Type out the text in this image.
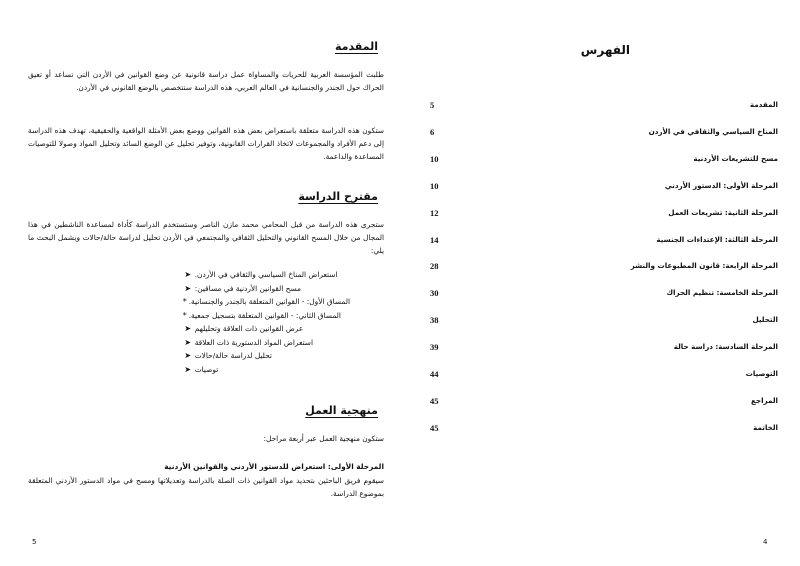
المقدمة

طلبت المؤسسة العربية للحريات والمساواة عمل دراسة قانونية عن وضع القوانين في الأردن التي تساعد أو تعيق الحراك حول الجندر والجنسانية في العالم العربي، هذه الدراسة ستتخصص بالوضع القانوني في الأردن.

ستكون هذه الدراسة متعلقة باستعراض بعض هذه القوانين ووضع بعض الأمثلة الواقعية والحقيقية، تهدف هذه الدراسة إلى دعم الأفراد والمجموعات لاتخاذ القرارات القانونية، وتوفير تحليل عن الوضع السائد وتحليل المواد وصولا للتوصيات المساعدة والداعمة.

مقترح الدراسة

ستجرى هذه الدراسة من قبل المحامي محمد مازن الناصر وستستخدم الدراسة كأداة لمساعدة الناشطين في هذا المجال من خلال المسح القانوني والتحليل الثقافي والمجتمعي في الأردن تحليل لدراسة حالة/حالات ويشمل البحث ما يلي:

➤ استعراض المناخ السياسي والثقافي في الأردن.
➤ مسح القوانين الأردنية في مساقين:
* المساق الأول: - القوانين المتعلقة بالجندر والجنسانية.
* المساق الثاني: - القوانين المتعلقة بتسجيل جمعية.
➤ عرض القوانين ذات العلاقة وتحليلهم
➤ استعراض المواد الدستورية ذات العلاقة
➤ تحليل لدراسة حالة/حالات
➤ توصيات
منهجية العمل

ستكون منهجية العمل عبر أربعة مراحل:

المرحلة الأولى: استعراض للدستور الأردني والقوانين الأردنية

سيقوم فريق الباحثين بتحديد مواد القوانين ذات الصلة بالدراسة وتعديلاتها ومسح في مواد الدستور الأردني المتعلقة بموضوع الدراسة.

5
الفهرس
المقدمة
5
المناخ السياسي والثقافي في الأردن
6
مسح للتشريعات الأردنية
10
المرحلة الأولى: الدستور الأردني
10
المرحلة الثانية: تشريعات العمل
12
المرحلة الثالثة: الإعتداءات الجنسية
14
المرحلة الرابعة: قانون المطبوعات والنشر
28
المرحلة الخامسة: تنظيم الحراك
30
التحليل
38
المرحلة السادسة: دراسة حالة
39
التوصيات
44
المراجع
45
الخاتمة
45
4
